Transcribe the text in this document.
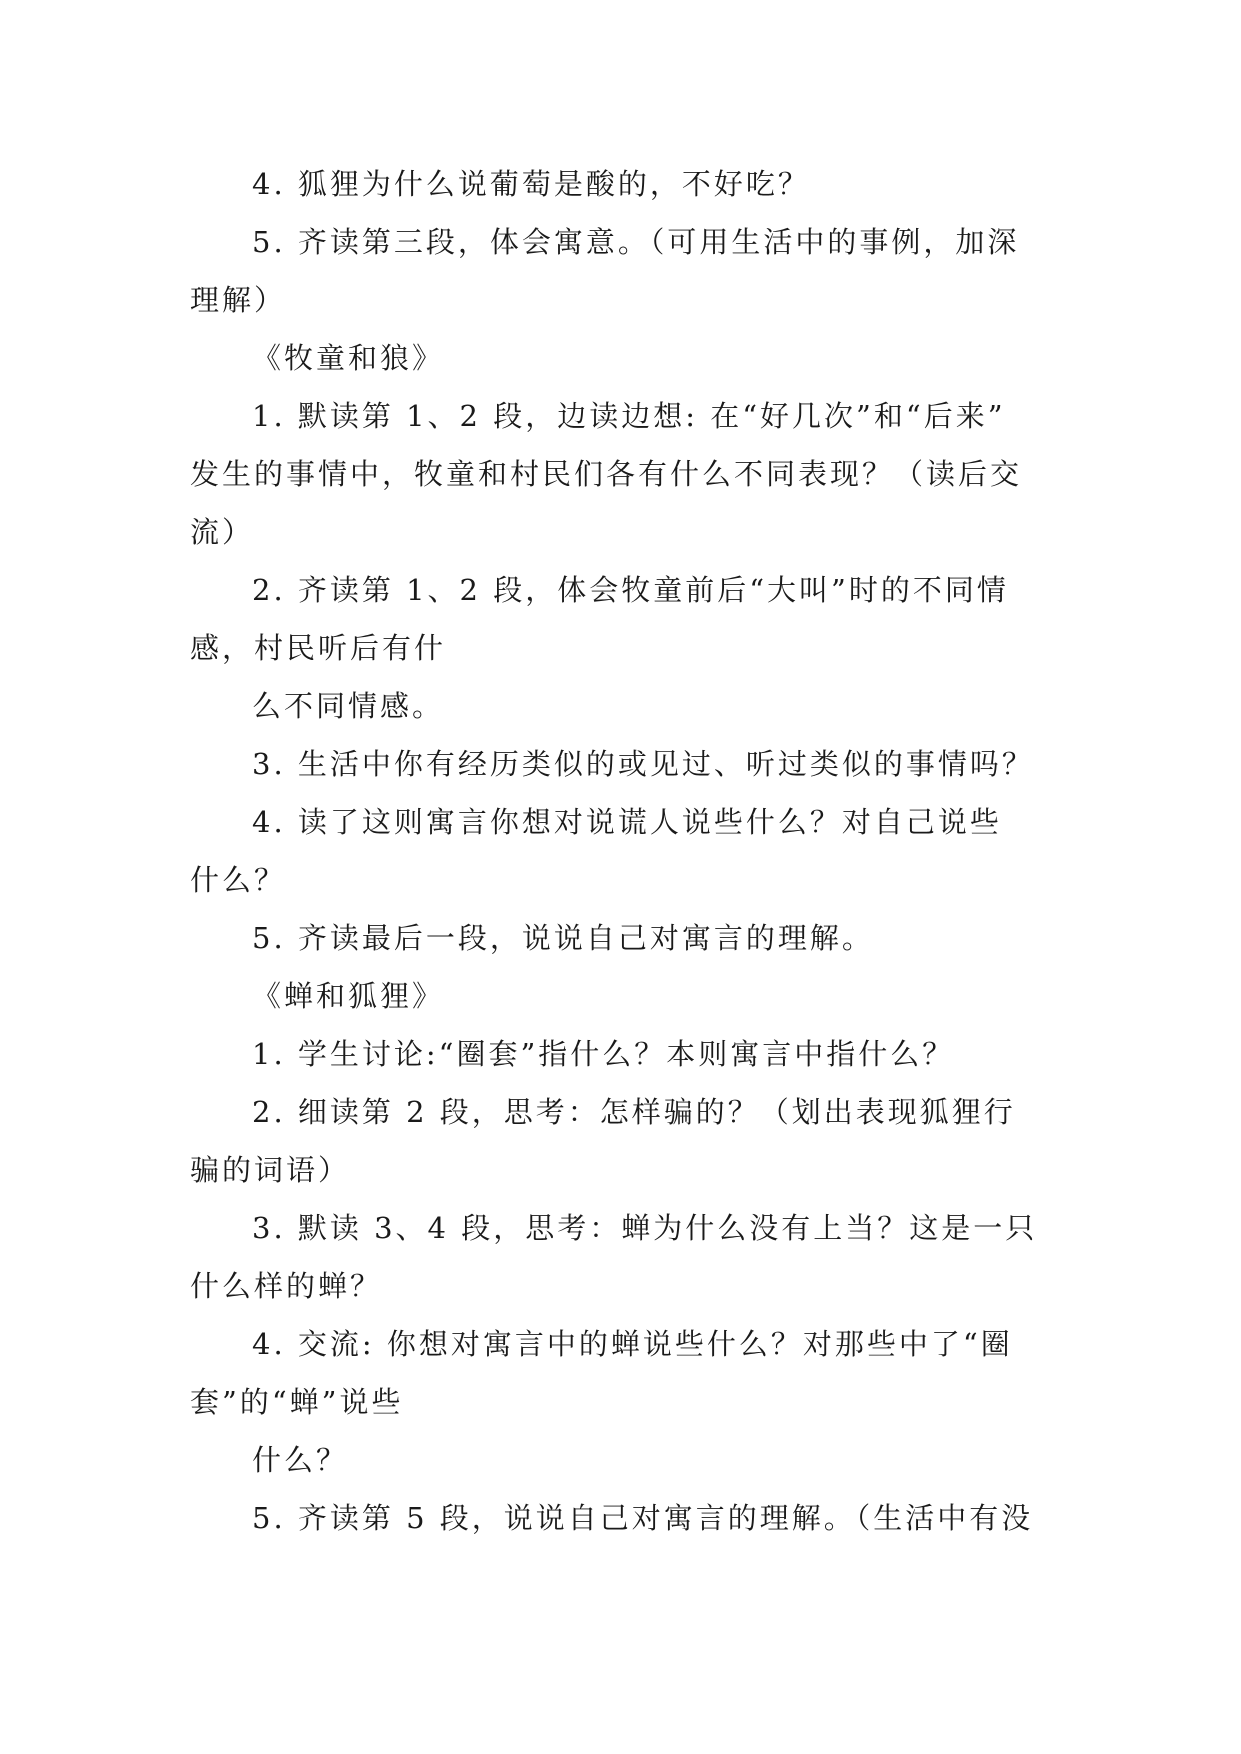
4. 狐狸为什么说葡萄是酸的，不好吃？

5. 齐读第三段，体会寓意。（可用生活中的事例，加深

理解）

《牧童和狼》

1. 默读第 1、2 段，边读边想: 在“好几次”和“后来”

发生的事情中，牧童和村民们各有什么不同表现？（读后交

流）

2. 齐读第 1、2 段，体会牧童前后“大叫”时的不同情

感，村民听后有什

么不同情感。

3. 生活中你有经历类似的或见过、听过类似的事情吗？

4. 读了这则寓言你想对说谎人说些什么？对自己说些

什么？

5. 齐读最后一段，说说自己对寓言的理解。

《蝉和狐狸》

1. 学生讨论:“圈套”指什么？本则寓言中指什么？

2. 细读第 2 段，思考：怎样骗的？（划出表现狐狸行

骗的词语）

3. 默读 3、4 段，思考：蝉为什么没有上当？这是一只

什么样的蝉？

4. 交流: 你想对寓言中的蝉说些什么？对那些中了“圈

套”的“蝉”说些

什么？

5. 齐读第 5 段，说说自己对寓言的理解。（生活中有没
